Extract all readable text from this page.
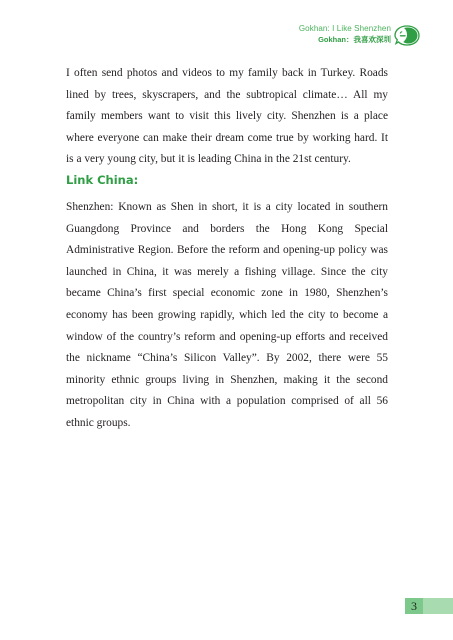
Gokhan: I Like Shenzhen
Gokhan：我喜欢深圳

I often send photos and videos to my family back in Turkey. Roads lined by trees, skyscrapers, and the subtropical climate… All my family members want to visit this lively city. Shenzhen is a place where everyone can make their dream come true by working hard. It is a very young city, but it is leading China in the 21st century.

Link China:

Shenzhen: Known as Shen in short, it is a city located in southern Guangdong Province and borders the Hong Kong Special Administrative Region. Before the reform and opening-up policy was launched in China, it was merely a fishing village. Since the city became China’s first special economic zone in 1980, Shenzhen’s economy has been growing rapidly, which led the city to become a window of the country’s reform and opening-up efforts and received the nickname “China’s Silicon Valley”. By 2002, there were 55 minority ethnic groups living in Shenzhen, making it the second metropolitan city in China with a population comprised of all 56 ethnic groups.

3
